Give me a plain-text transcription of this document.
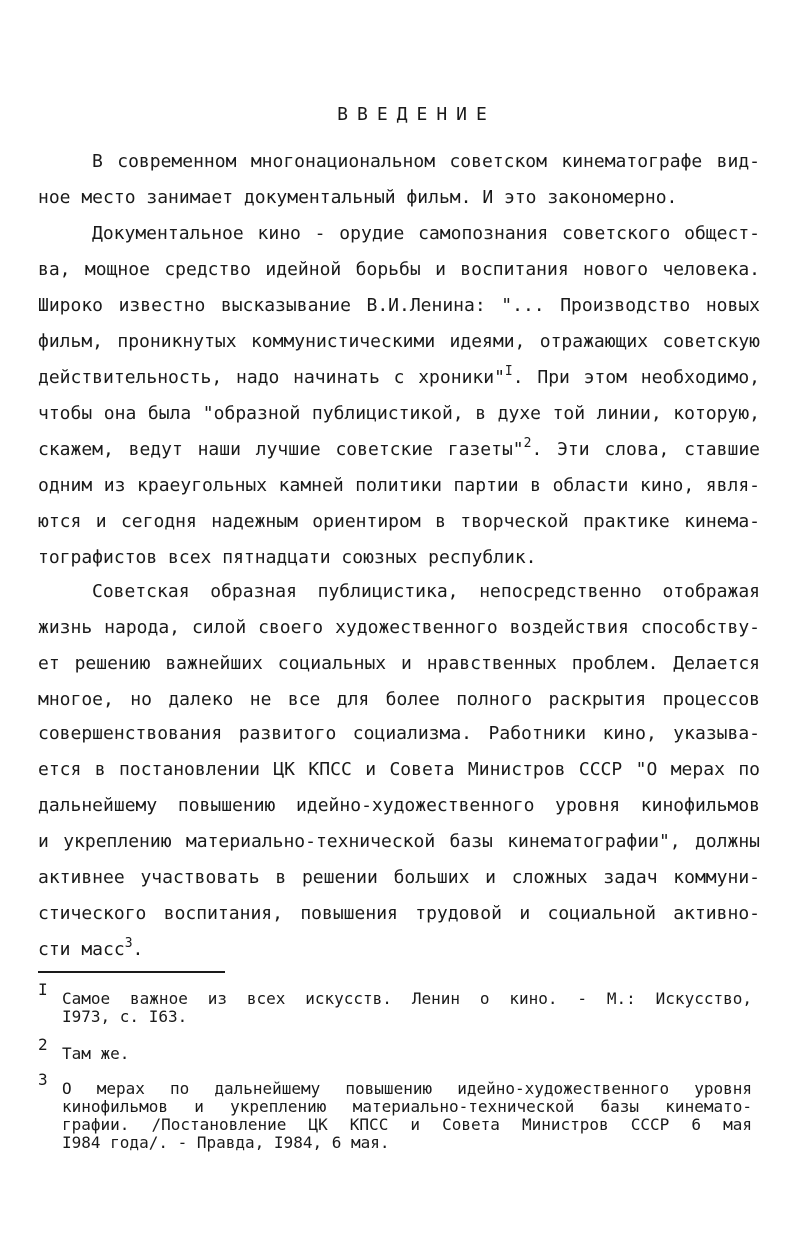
ВВЕДЕНИЕ
В современном многонациональном советском кинематографе вид-
ное место занимает документальный фильм. И это закономерно.
Документальное кино - орудие самопознания советского общест-
ва, мощное средство идейной борьбы и воспитания нового человека.
Широко известно высказывание В.И.Ленина: "... Производство новых
фильм, проникнутых коммунистическими идеями, отражающих советскую
действительность, надо начинать с хроники"$^I$. При этом необходимо,
чтобы она была "образной публицистикой, в духе той линии, которую,
скажем, ведут наши лучшие советские газеты"$^2$. Эти слова, ставшие
одним из краеугольных камней политики партии в области кино, явля-
ются и сегодня надежным ориентиром в творческой практике кинема-
тографистов всех пятнадцати союзных республик.
Советская образная публицистика, непосредственно отображая
жизнь народа, силой своего художественного воздействия способству-
ет решению важнейших социальных и нравственных проблем. Делается
многое, но далеко не все для более полного раскрытия процессов
совершенствования развитого социализма. Работники кино, указыва-
ется в постановлении ЦК КПСС и Совета Министров СССР "О мерах по
дальнейшему повышению идейно-художественного уровня кинофильмов
и укреплению материально-технической базы кинематографии", должны
активнее участвовать в решении больших и сложных задач коммуни-
стического воспитания, повышения трудовой и социальной активно-
сти масс$^3$.
I Самое важное из всех искусств. Ленин о кино. - М.: Искусство,
I973, с. I63.
2 Там же.
3 О мерах по дальнейшему повышению идейно-художественного уровня
кинофильмов и укреплению материально-технической базы кинемато-
графии. /Постановление ЦК КПСС и Совета Министров СССР 6 мая
I984 года/. - Правда, I984, 6 мая.
